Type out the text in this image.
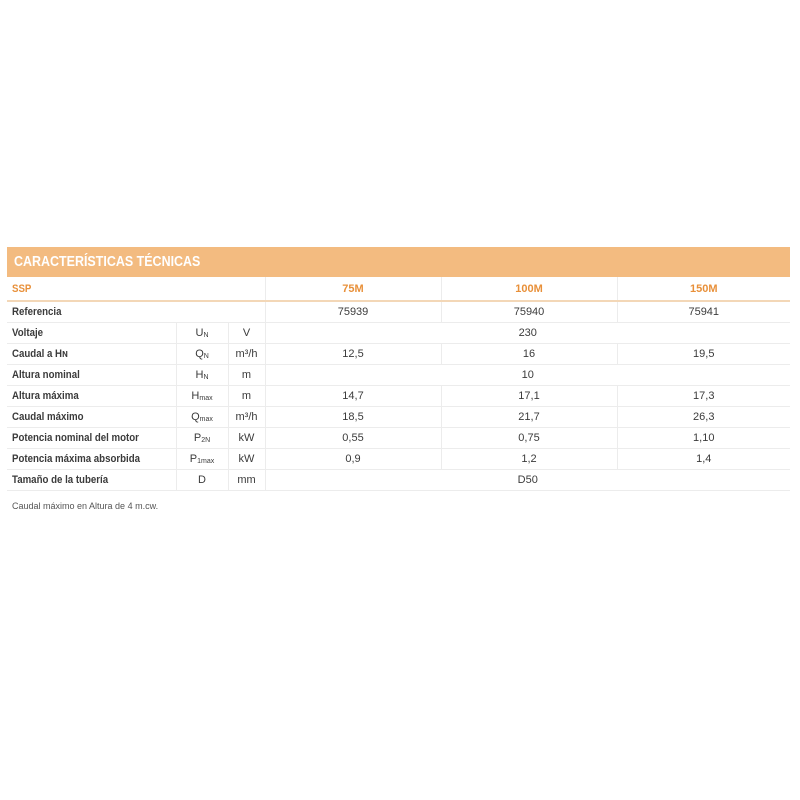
CARACTERÍSTICAS TÉCNICAS
SSP			75M	100M	150M
Referencia			75939	75940	75941
Voltaje	$U_N$	V	230		
Caudal a Hɴ	$Q_N$	m³/h	12,5	16	19,5
Altura nominal	$H_N$	m	10		
Altura máxima	$H_{max}$	m	14,7	17,1	17,3
Caudal máximo	$Q_{max}$	m³/h	18,5	21,7	26,3
Potencia nominal del motor	$P_{2N}$	kW	0,55	0,75	1,10
Potencia máxima absorbida	$P_{1max}$	kW	0,9	1,2	1,4
Tamaño de la tubería	D	mm	D50		
Caudal máximo en Altura de 4 m.cw.
